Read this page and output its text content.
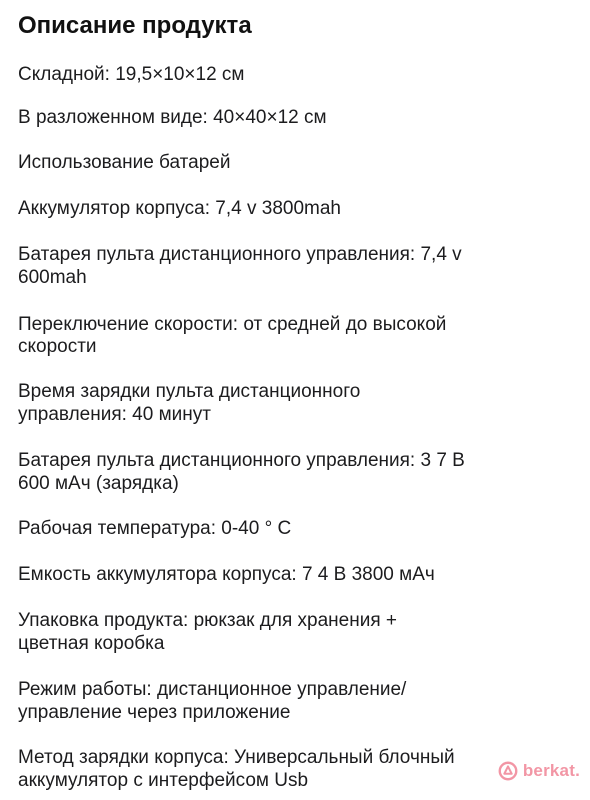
Описание продукта

Складной: 19,5×10×12 см

В разложенном виде: 40×40×12 см

Использование батарей

Аккумулятор корпуса: 7,4 v 3800mah

Батарея пульта дистанционного управления: 7,4 v

600mah

Переключение скорости: от средней до высокой

скорости

Время зарядки пульта дистанционного

управления: 40 минут

Батарея пульта дистанционного управления: 3 7 В

600 мАч (зарядка)

Рабочая температура: 0-40 ° С

Емкость аккумулятора корпуса: 7 4 В 3800 мАч

Упаковка продукта: рюкзак для хранения +

цветная коробка

Режим работы: дистанционное управление/

управление через приложение

Метод зарядки корпуса: Универсальный блочный

аккумулятор с интерфейсом Usb	berkat.
